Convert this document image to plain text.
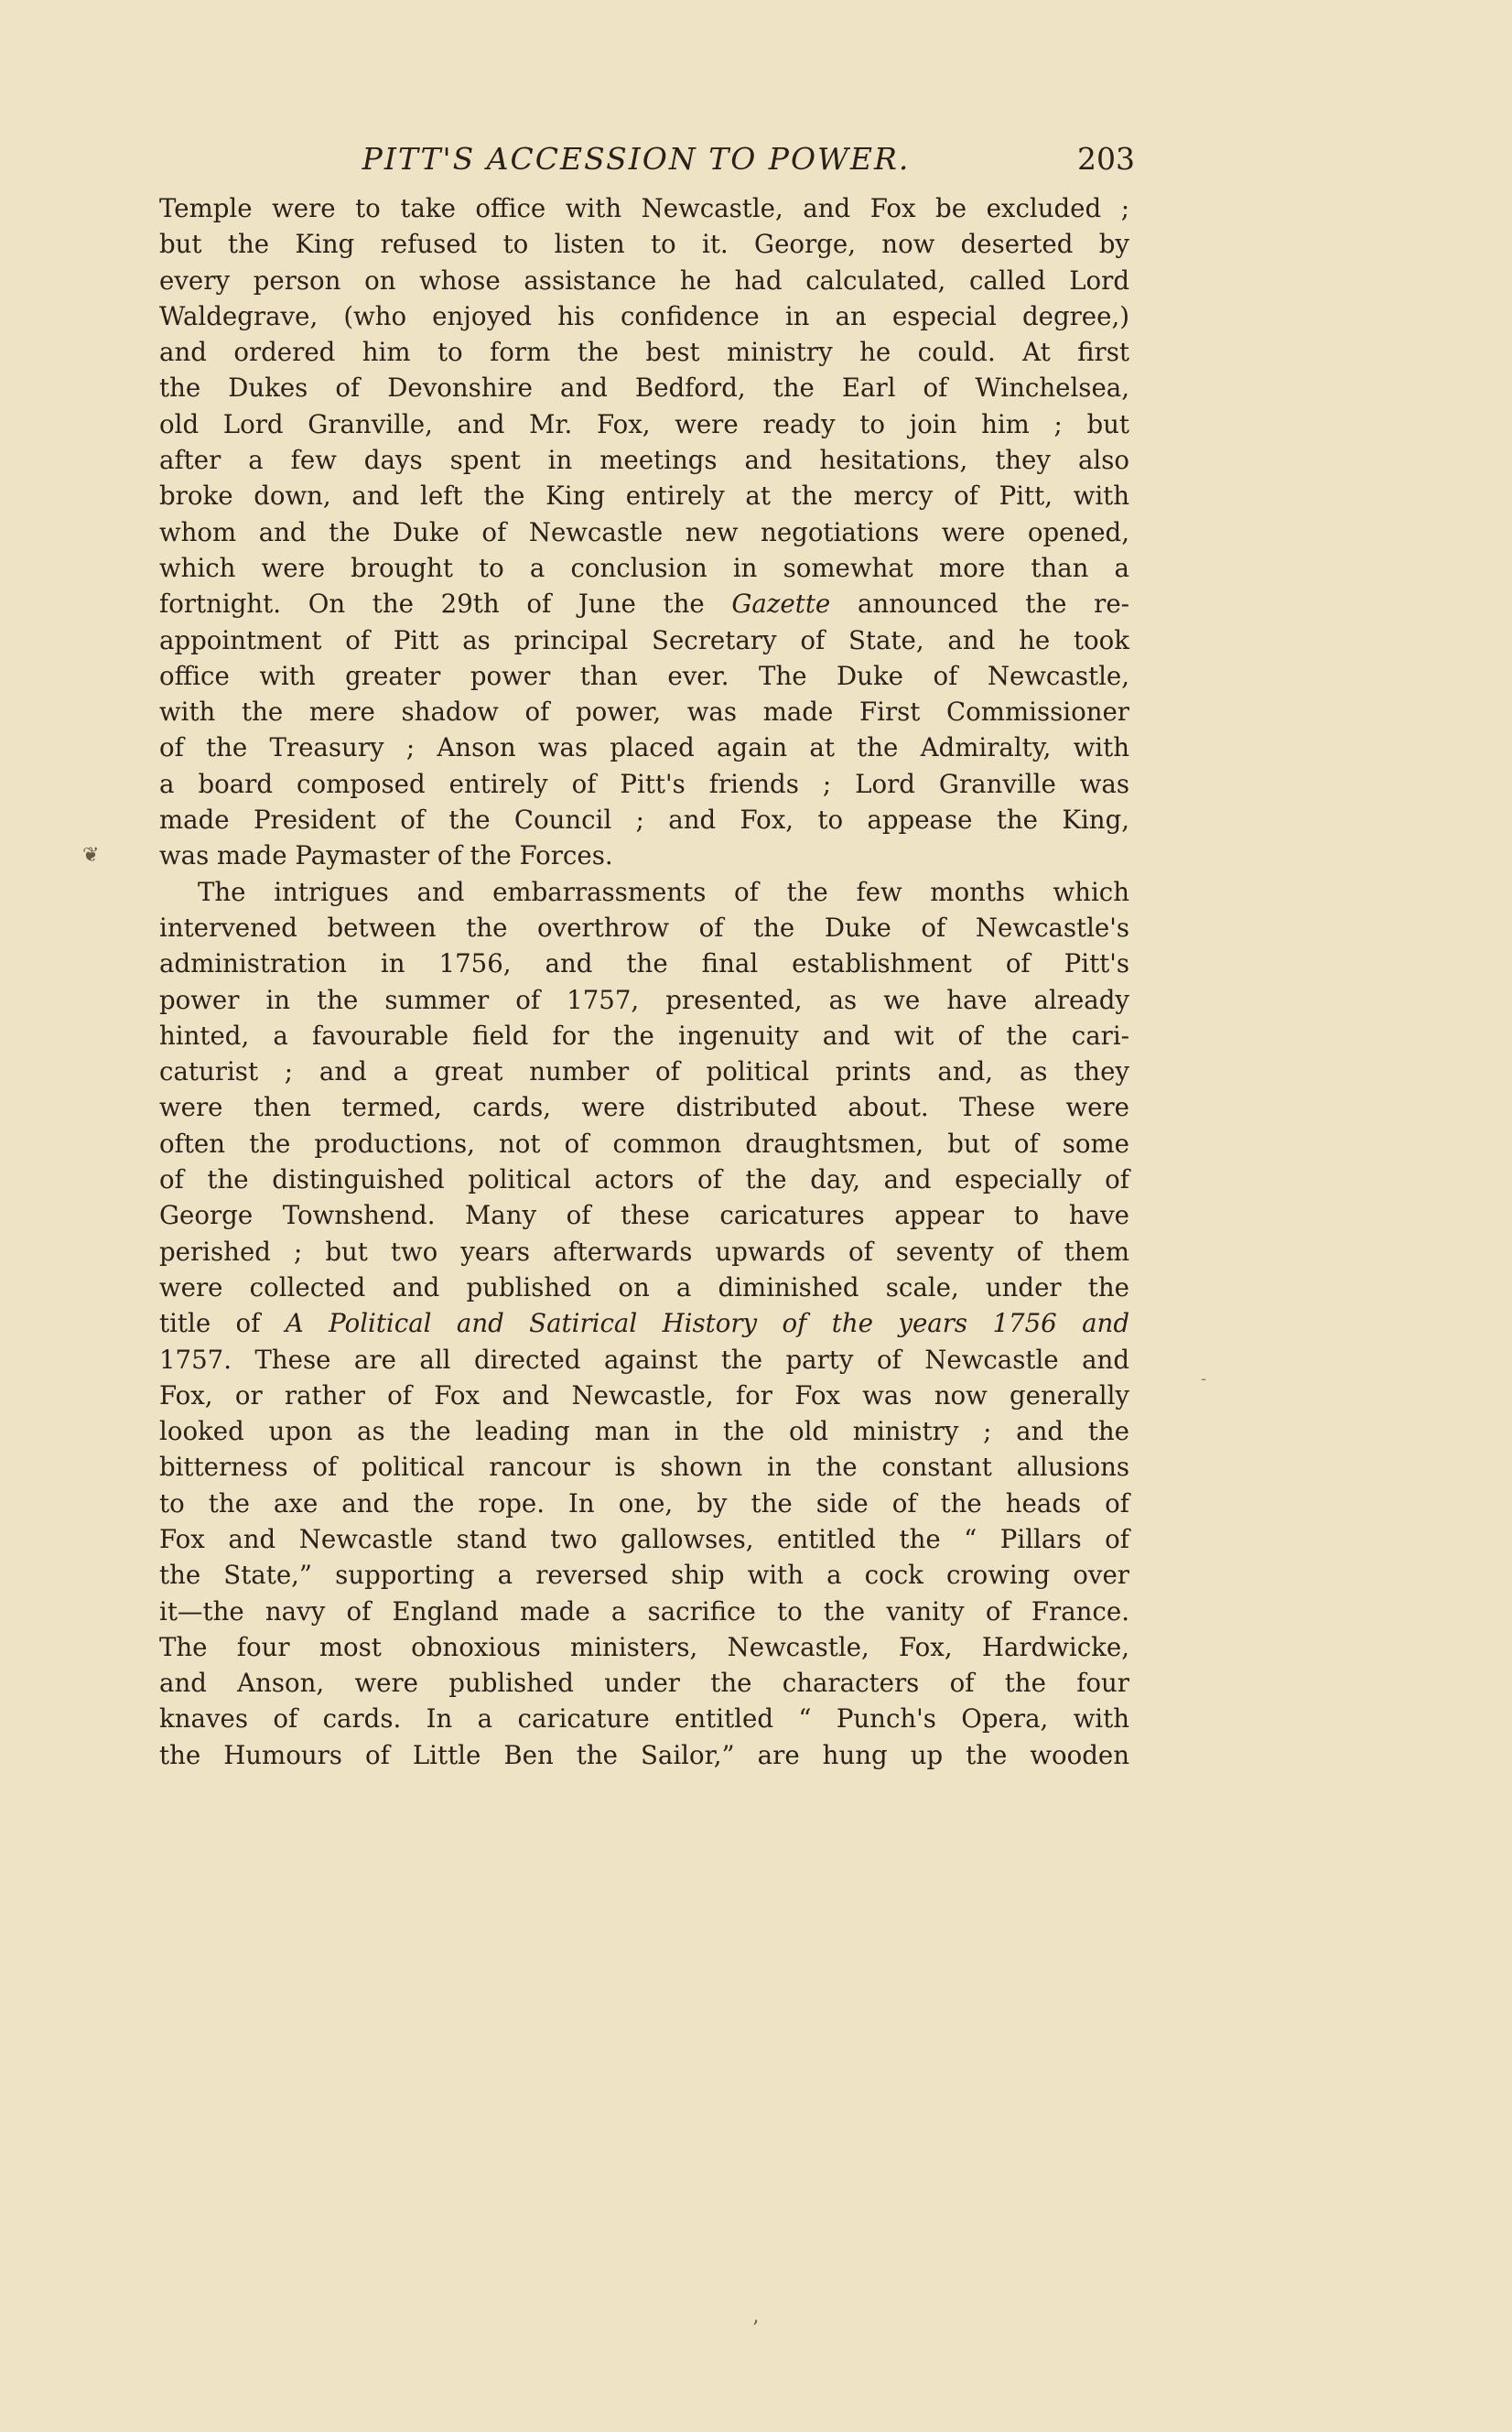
PITT'S ACCESSION TO POWER.	203
Temple were to take office with Newcastle, and Fox be excluded ;
but the King refused to listen to it. George, now deserted by
every person on whose assistance he had calculated, called Lord
Waldegrave, (who enjoyed his confidence in an especial degree,)
and ordered him to form the best ministry he could. At first
the Dukes of Devonshire and Bedford, the Earl of Winchelsea,
old Lord Granville, and Mr. Fox, were ready to join him ; but
after a few days spent in meetings and hesitations, they also
broke down, and left the King entirely at the mercy of Pitt, with
whom and the Duke of Newcastle new negotiations were opened,
which were brought to a conclusion in somewhat more than a
fortnight. On the 29th of June the Gazette announced the re-
appointment of Pitt as principal Secretary of State, and he took
office with greater power than ever. The Duke of Newcastle,
with the mere shadow of power, was made First Commissioner
of the Treasury ; Anson was placed again at the Admiralty, with
a board composed entirely of Pitt's friends ; Lord Granville was
made President of the Council ; and Fox, to appease the King,
was made Paymaster of the Forces.
The intrigues and embarrassments of the few months which
intervened between the overthrow of the Duke of Newcastle's
administration in 1756, and the final establishment of Pitt's
power in the summer of 1757, presented, as we have already
hinted, a favourable field for the ingenuity and wit of the cari-
caturist ; and a great number of political prints and, as they
were then termed, cards, were distributed about. These were
often the productions, not of common draughtsmen, but of some
of the distinguished political actors of the day, and especially of
George Townshend. Many of these caricatures appear to have
perished ; but two years afterwards upwards of seventy of them
were collected and published on a diminished scale, under the
title of A Political and Satirical History of the years 1756 and
1757. These are all directed against the party of Newcastle and
Fox, or rather of Fox and Newcastle, for Fox was now generally
looked upon as the leading man in the old ministry ; and the
bitterness of political rancour is shown in the constant allusions
to the axe and the rope. In one, by the side of the heads of
Fox and Newcastle stand two gallowses, entitled the “ Pillars of
the State,” supporting a reversed ship with a cock crowing over
it—the navy of England made a sacrifice to the vanity of France.
The four most obnoxious ministers, Newcastle, Fox, Hardwicke,
and Anson, were published under the characters of the four
knaves of cards. In a caricature entitled “ Punch's Opera, with
the Humours of Little Ben the Sailor,” are hung up the wooden
❦
-
’
